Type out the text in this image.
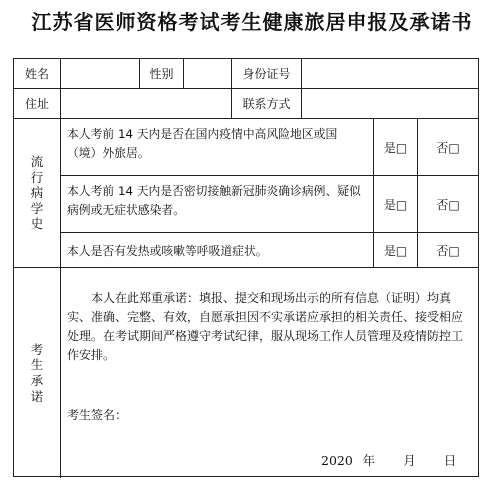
江苏省医师资格考试考生健康旅居申报及承诺书
姓名	性别	身份证号
住址	联系方式
流
行
病
学
史
本人考前 14 天内是否在国内疫情中高风险地区或国（境）外旅居。	是□	否□
本人考前 14 天内是否密切接触新冠肺炎确诊病例、疑似病例或无症状感染者。	是□	否□
本人是否有发热或咳嗽等呼吸道症状。	是□	否□
考
生
承
诺
本人在此郑重承诺：填报、提交和现场出示的所有信息（证明）均真实、准确、完整、有效，自愿承担因不实承诺应承担的相关责任、接受相应处理。在考试期间严格遵守考试纪律，服从现场工作人员管理及疫情防控工作安排。
考生签名：
2020 年 月 日
